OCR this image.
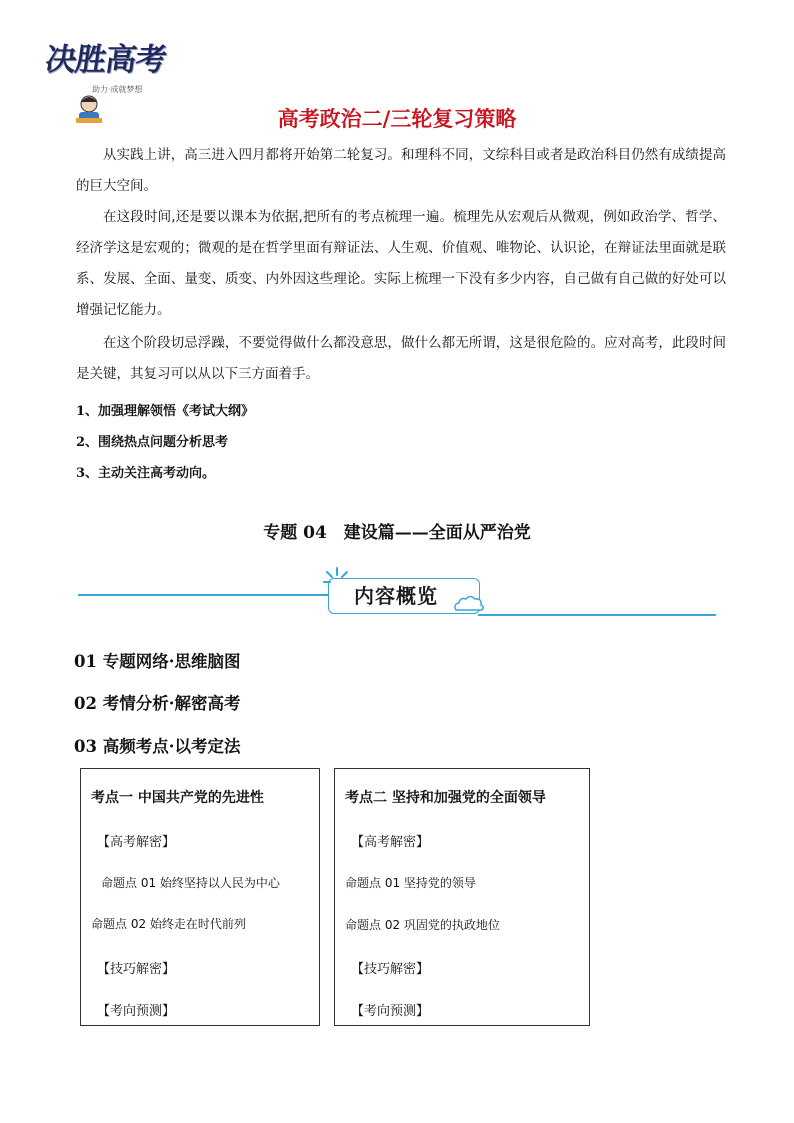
决胜高考
助力·成就梦想
高考政治二/三轮复习策略

从实践上讲，高三进入四月都将开始第二轮复习。和理科不同，文综科目或者是政治科目仍然有成绩提高的巨大空间。

在这段时间,还是要以课本为依据,把所有的考点梳理一遍。梳理先从宏观后从微观，例如政治学、哲学、经济学这是宏观的；微观的是在哲学里面有辩证法、人生观、价值观、唯物论、认识论，在辩证法里面就是联系、发展、全面、量变、质变、内外因这些理论。实际上梳理一下没有多少内容，自己做有自己做的好处可以增强记忆能力。

在这个阶段切忌浮躁，不要觉得做什么都没意思，做什么都无所谓，这是很危险的。应对高考，此段时间是关键，其复习可以从以下三方面着手。

1、加强理解领悟《考试大纲》
2、围绕热点问题分析思考
3、主动关注高考动向。
专题 04　建设篇——全面从严治党
内容概览
01 专题网络·思维脑图
02 考情分析·解密高考
03 高频考点·以考定法
考点一 中国共产党的先进性
【高考解密】
命题点 01 始终坚持以人民为中心
命题点 02 始终走在时代前列
【技巧解密】
【考向预测】
考点二 坚持和加强党的全面领导
【高考解密】
命题点 01 坚持党的领导
命题点 02 巩固党的执政地位
【技巧解密】
【考向预测】
